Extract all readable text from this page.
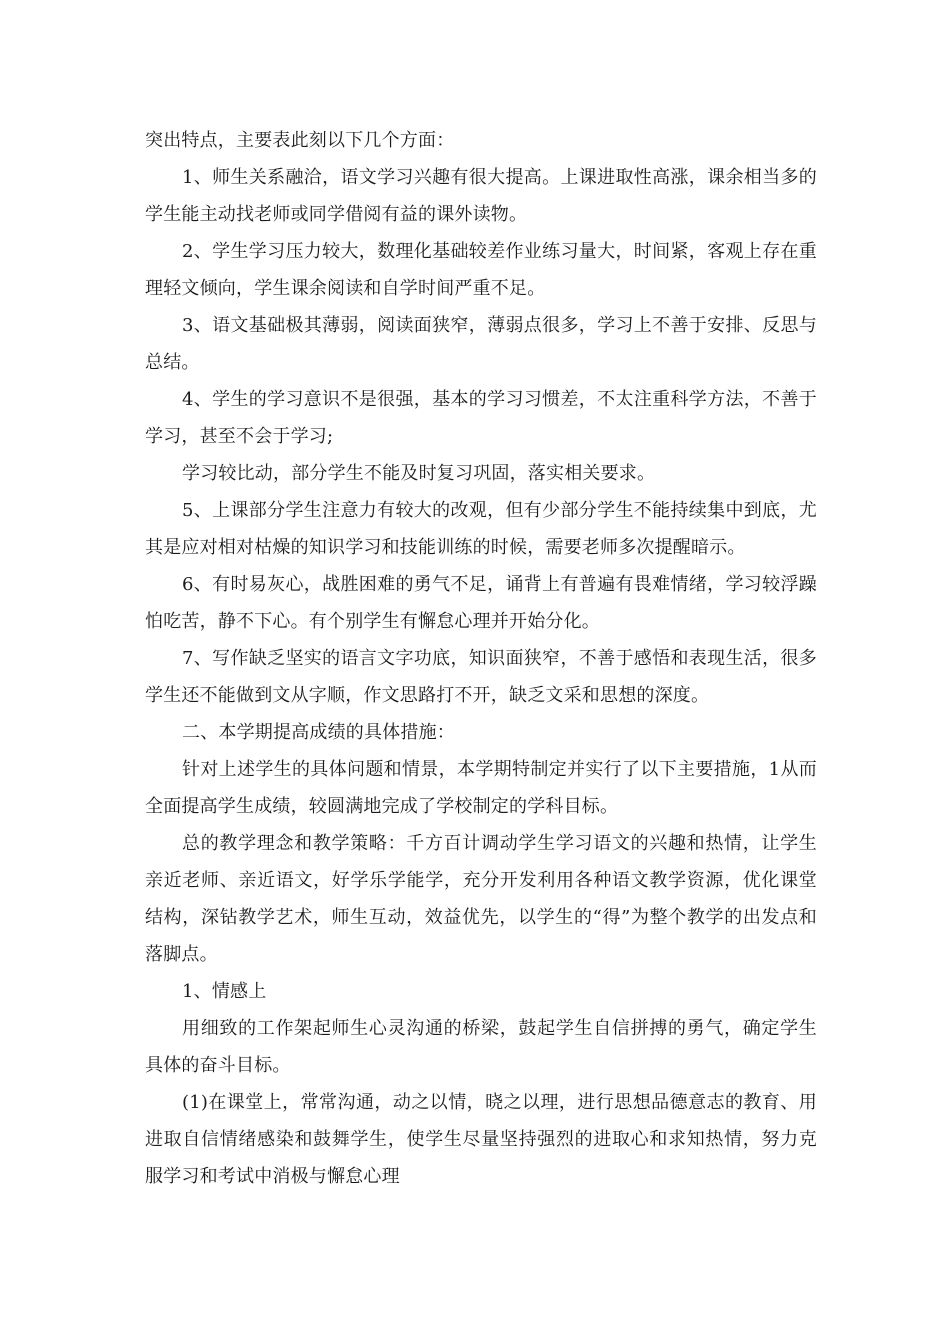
突出特点，主要表此刻以下几个方面：

1、师生关系融洽，语文学习兴趣有很大提高。上课进取性高涨，课余相当多的学生能主动找老师或同学借阅有益的课外读物。

2、学生学习压力较大，数理化基础较差作业练习量大，时间紧，客观上存在重理轻文倾向，学生课余阅读和自学时间严重不足。

3、语文基础极其薄弱，阅读面狭窄，薄弱点很多，学习上不善于安排、反思与总结。

4、学生的学习意识不是很强，基本的学习习惯差，不太注重科学方法，不善于学习，甚至不会于学习;

学习较比动，部分学生不能及时复习巩固，落实相关要求。

5、上课部分学生注意力有较大的改观，但有少部分学生不能持续集中到底，尤其是应对相对枯燥的知识学习和技能训练的时候，需要老师多次提醒暗示。

6、有时易灰心，战胜困难的勇气不足，诵背上有普遍有畏难情绪，学习较浮躁怕吃苦，静不下心。有个别学生有懈怠心理并开始分化。

7、写作缺乏坚实的语言文字功底，知识面狭窄，不善于感悟和表现生活，很多学生还不能做到文从字顺，作文思路打不开，缺乏文采和思想的深度。

二、本学期提高成绩的具体措施：

针对上述学生的具体问题和情景，本学期特制定并实行了以下主要措施，1从而全面提高学生成绩，较圆满地完成了学校制定的学科目标。

总的教学理念和教学策略：千方百计调动学生学习语文的兴趣和热情，让学生亲近老师、亲近语文，好学乐学能学，充分开发利用各种语文教学资源，优化课堂结构，深钻教学艺术，师生互动，效益优先，以学生的“得”为整个教学的出发点和落脚点。

1、情感上

用细致的工作架起师生心灵沟通的桥梁，鼓起学生自信拼搏的勇气，确定学生具体的奋斗目标。

(1)在课堂上，常常沟通，动之以情，晓之以理，进行思想品德意志的教育、用进取自信情绪感染和鼓舞学生，使学生尽量坚持强烈的进取心和求知热情，努力克服学习和考试中消极与懈怠心理
